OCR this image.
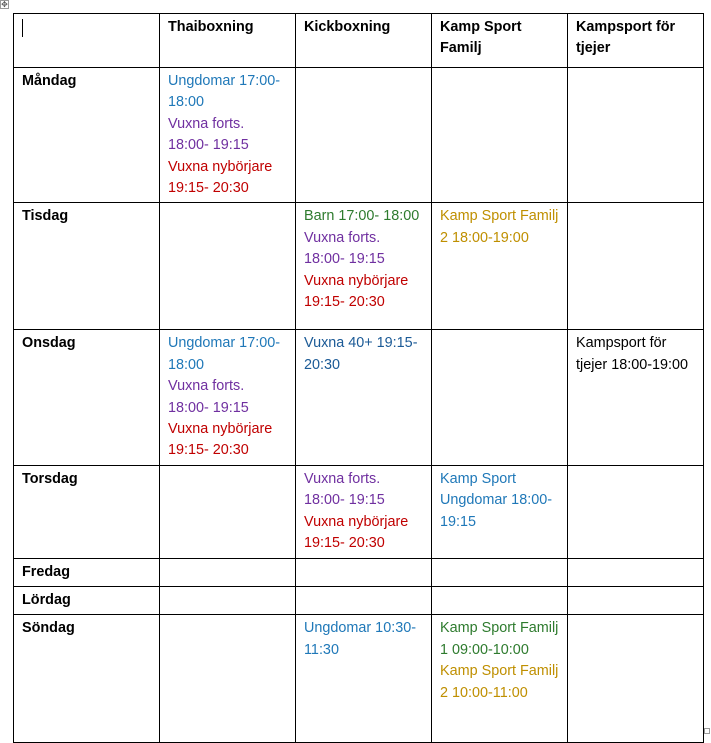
✥
	Thaiboxning	Kickboxning	Kamp Sport Familj	Kampsport för tjejer
Måndag	Ungdomar 17:00-18:00
Vuxna forts. 18:00- 19:15
Vuxna nybörjare 19:15- 20:30			

Tisdag		Barn 17:00- 18:00
Vuxna forts. 18:00- 19:15
Vuxna nybörjare 19:15- 20:30	Kamp Sport Familj 2 18:00-19:00	

Onsdag	Ungdomar 17:00-18:00
Vuxna forts. 18:00- 19:15
Vuxna nybörjare 19:15- 20:30	Vuxna 40+ 19:15- 20:30		Kampsport för tjejer 18:00-19:00

Torsdag		Vuxna forts. 18:00- 19:15
Vuxna nybörjare 19:15- 20:30	Kamp Sport Ungdomar 18:00- 19:15	

Fredag				
Lördag				
Söndag		Ungdomar 10:30-11:30	Kamp Sport Familj 1 09:00-10:00
Kamp Sport Familj 2 10:00-11:00	
